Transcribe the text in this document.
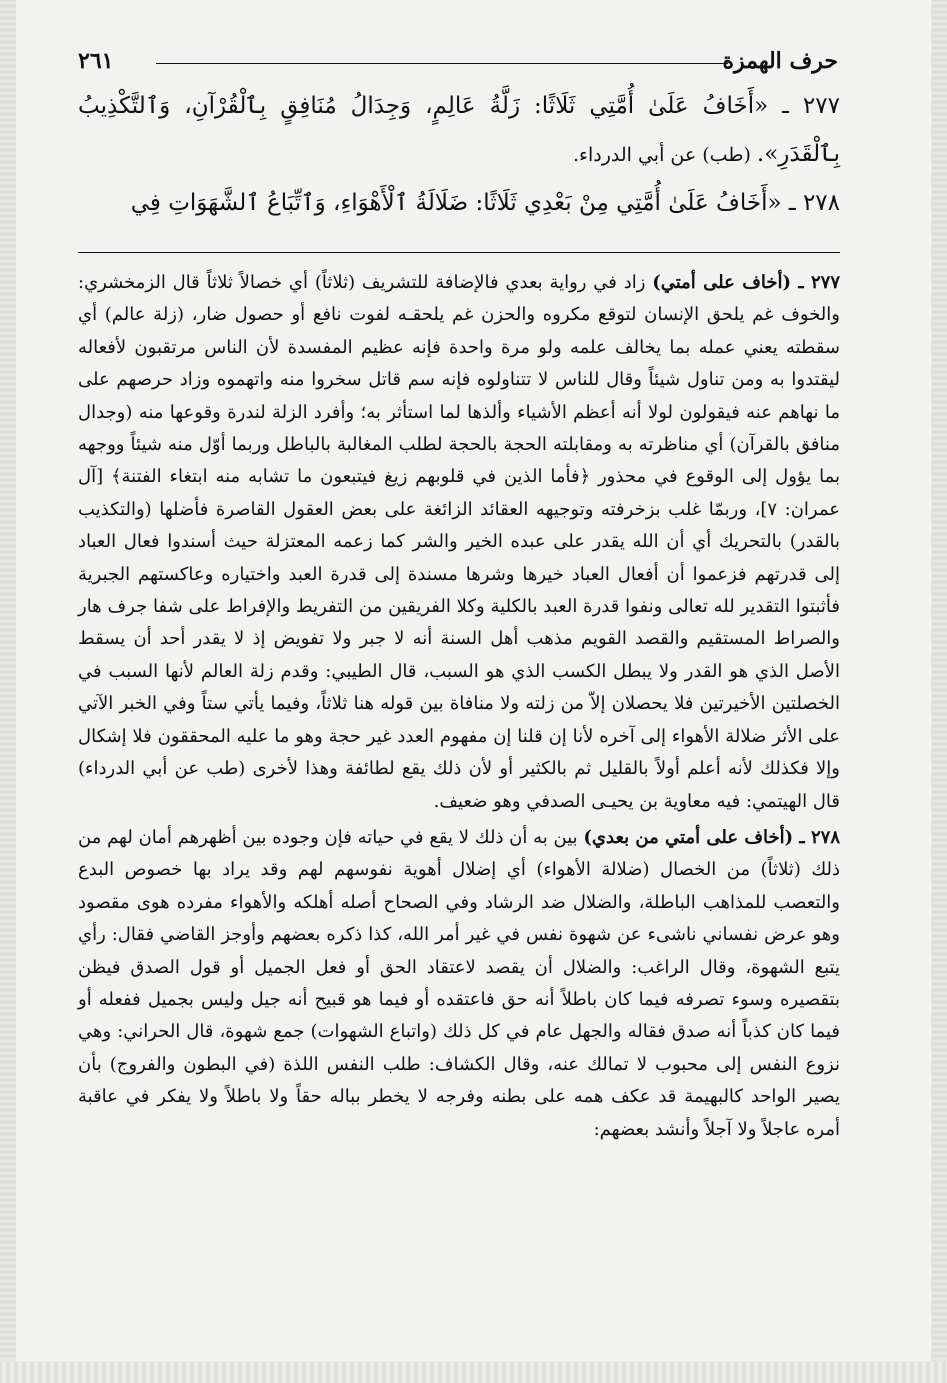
حرف الهمزة
٢٦١

٢٧٧ ـ «أَخَافُ عَلَىٰ أُمَّتِي ثَلَاثًا: زَلَّةُ عَالِمٍ، وَجِدَالُ مُنَافِقٍ بِٱلْقُرْآنِ، وَٱلتَّكْذِيبُ بِٱلْقَدَرِ». (طب) عن أبي الدرداء.

٢٧٨ ـ «أَخَافُ عَلَىٰ أُمَّتِي مِنْ بَعْدِي ثَلَاثًا: ضَلَالَةُ ٱلْأَهْوَاءِ، وَٱتِّبَاعُ ٱلشَّهَوَاتِ فِي

٢٧٧ ـ (أخاف على أمتي) زاد في رواية بعدي فالإضافة للتشريف (ثلاثاً) أي خصالاً ثلاثاً قال الزمخشري: والخوف غم يلحق الإنسان لتوقع مكروه والحزن غم يلحقـه لفوت نافع أو حصول ضار، (زلة عالم) أي سقطته يعني عمله بما يخالف علمه ولو مرة واحدة فإنه عظيم المفسدة لأن الناس مرتقبون لأفعاله ليقتدوا به ومن تناول شيئاً وقال للناس لا تتناولوه فإنه سم قاتل سخروا منه واتهموه وزاد حرصهم على ما نهاهم عنه فيقولون لولا أنه أعظم الأشياء وألذها لما استأثر به؛ وأفرد الزلة لندرة وقوعها منه (وجدال منافق بالقرآن) أي مناظرته به ومقابلته الحجة بالحجة لطلب المغالبة بالباطل وربما أوّل منه شيئاً ووجهه بما يؤول إلى الوقوع في محذور ﴿فأما الذين في قلوبهم زيغ فيتبعون ما تشابه منه ابتغاء الفتنة﴾ [آل عمران: ٧]، وربمّا غلب بزخرفته وتوجيهه العقائد الزائغة على بعض العقول القاصرة فأضلها (والتكذيب بالقدر) بالتحريك أي أن الله يقدر على عبده الخير والشر كما زعمه المعتزلة حيث أسندوا فعال العباد إلى قدرتهم فزعموا أن أفعال العباد خيرها وشرها مسندة إلى قدرة العبد واختياره وعاكستهم الجبرية فأثبتوا التقدير لله تعالى ونفوا قدرة العبد بالكلية وكلا الفريقين من التفريط والإفراط على شفا جرف هار والصراط المستقيم والقصد القويم مذهب أهل السنة أنه لا جبر ولا تفويض إذ لا يقدر أحد أن يسقط الأصل الذي هو القدر ولا يبطل الكسب الذي هو السبب، قال الطيبي: وقدم زلة العالم لأنها السبب في الخصلتين الأخيرتين فلا يحصلان إلاّ من زلته ولا منافاة بين قوله هنا ثلاثاً، وفيما يأتي ستاً وفي الخبر الآتي على الأثر ضلالة الأهواء إلى آخره لأنا إن قلنا إن مفهوم العدد غير حجة وهو ما عليه المحققون فلا إشكال وإلا فكذلك لأنه أعلم أولاً بالقليل ثم بالكثير أو لأن ذلك يقع لطائفة وهذا لأخرى (طب عن أبي الدرداء) قال الهيتمي: فيه معاوية بن يحيـى الصدفي وهو ضعيف.

٢٧٨ ـ (أخاف على أمتي من بعدي) بين به أن ذلك لا يقع في حياته فإن وجوده بين أظهرهم أمان لهم من ذلك (ثلاثاً) من الخصال (ضلالة الأهواء) أي إضلال أهوية نفوسهم لهم وقد يراد بها خصوص البدع والتعصب للمذاهب الباطلة، والضلال ضد الرشاد وفي الصحاح أصله أهلكه والأهواء مفرده هوى مقصود وهو عرض نفساني ناشىء عن شهوة نفس في غير أمر الله، كذا ذكره بعضهم وأوجز القاضي فقال: رأي يتبع الشهوة، وقال الراغب: والضلال أن يقصد لاعتقاد الحق أو فعل الجميل أو قول الصدق فيظن بتقصيره وسوء تصرفه فيما كان باطلاً أنه حق فاعتقده أو فيما هو قبيح أنه جيل وليس بجميل ففعله أو فيما كان كذباً أنه صدق فقاله والجهل عام في كل ذلك (واتباع الشهوات) جمع شهوة، قال الحراني: وهي نزوع النفس إلى محبوب لا تمالك عنه، وقال الكشاف: طلب النفس اللذة (في البطون والفروج) بأن يصير الواحد كالبهيمة قد عكف همه على بطنه وفرجه لا يخطر بباله حقاً ولا باطلاً ولا يفكر في عاقبة أمره عاجلاً ولا آجلاً وأنشد بعضهم:
